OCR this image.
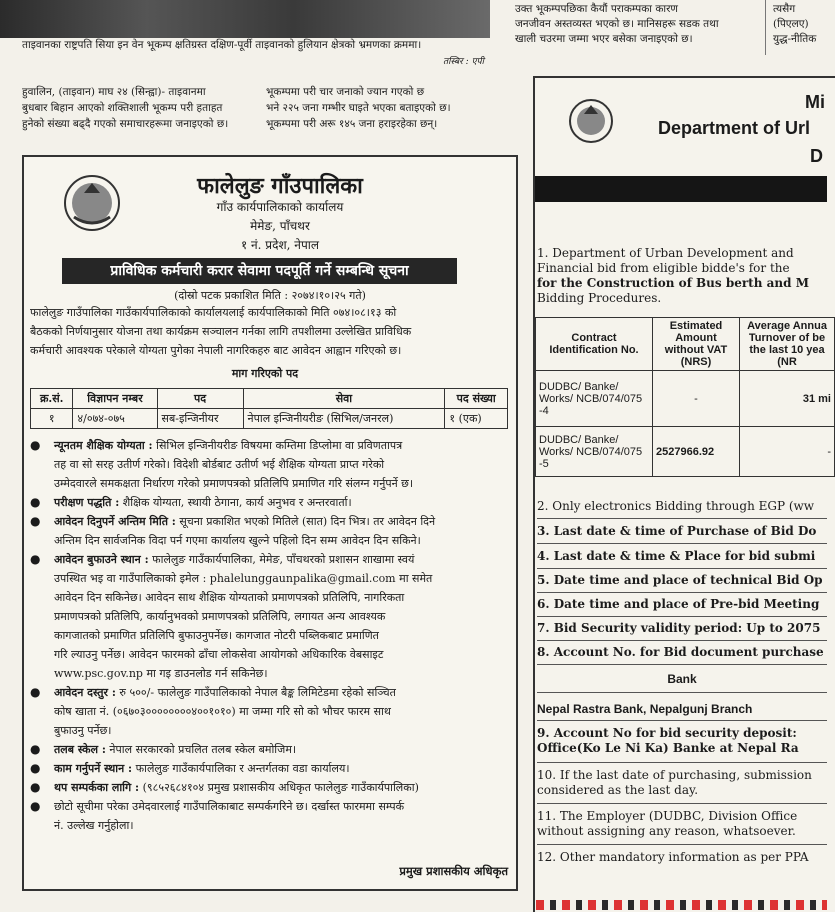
ताइवानका राष्ट्रपति सिया इन वेन भूकम्प क्षतिग्रस्त दक्षिण-पूर्वी ताइवानको हुलियान क्षेत्रको भ्रमणका क्रममा।
तस्बिर : एपी
उक्त भूकम्पपछिका कैयौं पराकम्पका कारण
जनजीवन अस्तव्यस्त भएको छ। मानिसहरू सडक तथा
खाली चउरमा जम्मा भएर बसेका जनाइएको छ।
त्यसैग
(पिएलए)
युद्ध-नीतिक
हुवालिन, (ताइवान) माघ २४ (सिन्ह्वा)- ताइवानमा
बुधबार बिहान आएको शक्तिशाली भूकम्प परी हताहत
हुनेको संख्या बढ्दै गएको समाचारहरूमा जनाइएको छ।
भूकम्पमा परी चार जनाको ज्यान गएको छ
भने २२५ जना गम्भीर घाइते भएका बताइएको छ।
भूकम्पमा परी अरू १४५ जना हराइरहेका छन्।
फालेलुङ गाँउपालिका
गाँउ कार्यपालिकाको कार्यालय
मेमेङ, पाँचथर
१ नं. प्रदेश, नेपाल
प्राविधिक कर्मचारी करार सेवामा पदपूर्ति गर्ने सम्बन्धि सूचना
(दोस्रो पटक प्रकाशित मिति : २०७४।१०।२५ गते)
फालेलुङ गाउँपालिका गाउँकार्यपालिकाको कार्यालयलाई कार्यपालिकाको मिति ०७४।०८।१३ को
बैठकको निर्णयानुसार योजना तथा कार्यक्रम सञ्चालन गर्नका लागि तपशीलमा उल्लेखित प्राविधिक
कर्मचारी आवश्यक परेकाले योग्यता पुगेका नेपाली नागरिकहरु बाट आवेदन आह्वान गरिएको छ।
माग गरिएको पद
क्र.सं.	विज्ञापन नम्बर	पद	सेवा	पद संख्या
१	४/०७४-०७५	सब-इन्जिनीयर	नेपाल इन्जिनीयरीङ (सिभिल/जनरल)	१ (एक)
● न्यूनतम शैक्षिक योग्यता : सिभिल इन्जिनीयरीङ विषयमा कम्तिमा डिप्लोमा वा प्रविणतापत्र
तह वा सो सरह उतीर्ण गरेको। विदेशी बोर्डबाट उतीर्ण भई शैक्षिक योग्यता प्राप्त गरेको
उम्मेदवारले समकक्षता निर्धारण गरेको प्रमाणपत्रको प्रतिलिपि प्रमाणित गरि संलग्न गर्नुपर्ने छ।
● परीक्षण पद्धति : शैक्षिक योग्यता, स्थायी ठेगाना, कार्य अनुभव र अन्तरवार्ता।
● आवेदन दिनुपर्ने अन्तिम मिति : सूचना प्रकाशित भएको मितिले (सात) दिन भित्र। तर आवेदन दिने
अन्तिम दिन सार्वजनिक विदा पर्न गएमा कार्यालय खुल्ने पहिलो दिन सम्म आवेदन दिन सकिने।
● आवेदन बुफाउने स्थान : फालेलुङ गाउँकार्यपालिका, मेमेङ, पाँचथरको प्रशासन शाखामा स्वयं
उपस्थित भइ वा गाउँपालिकाको इमेल : phalelunggaunpalika@gmail.com मा समेत
आवेदन दिन सकिनेछ। आवेदन साथ शैक्षिक योग्यताको प्रमाणपत्रको प्रतिलिपि, नागरिकता
प्रमाणपत्रको प्रतिलिपि, कार्यानुभवको प्रमाणपत्रको प्रतिलिपि, लगायत अन्य आवश्यक
कागजातको प्रमाणित प्रतिलिपि बुफाउनुपर्नेछ। कागजात नोटरी पब्लिकबाट प्रमाणित
गरि ल्याउनु पर्नेछ। आवेदन फारमको ढाँचा लोकसेवा आयोगको अधिकारिक वेबसाइट
www.psc.gov.np मा गइ डाउनलोड गर्न सकिनेछ।
● आवेदन दस्तुर : रु ५००/- फालेलुङ गाउँपालिकाको नेपाल बैङ्क लिमिटेडमा रहेको सञ्चित
कोष खाता नं. (०६७०३००००००००४००१०१०) मा जम्मा गरि सो को भौचर फारम साथ
बुफाउनु पर्नेछ।
● तलब स्केल : नेपाल सरकारको प्रचलित तलब स्केल बमोजिम।
● काम गर्नुपर्ने स्थान : फालेलुङ गाउँकार्यपालिका र अन्तर्गतका वडा कार्यालय।
● थप सम्पर्कका लागि : (९८५२६८४१०४ प्रमुख प्रशासकीय अधिकृत फालेलुङ गाउँकार्यपालिका)
● छोटो सूचीमा परेका उमेदवारलाई गाउँपालिकाबाट सम्पर्कगरिने छ। दर्खास्त फारममा सम्पर्क
नं. उल्लेख गर्नुहोला।
प्रमुख प्रशासकीय अधिकृत
Mi
Department of Url
D
1. Department of Urban Development and
Financial bid from eligible bidde's for the
for the Construction of Bus berth and M
Bidding Procedures.
Contract Identification No.	Estimated Amount without VAT (NRS)	Average Annua Turnover of be the last 10 yea (NR
DUDBC/ Banke/ Works/ NCB/074/075 -4	-	31 mi
DUDBC/ Banke/ Works/ NCB/074/075 -5	2527966.92	-
2. Only electronics Bidding through EGP (ww
3. Last date & time of Purchase of Bid Do
4. Last date & time & Place for bid submi
5. Date time and place of technical Bid Op
6. Date time and place of Pre-bid Meeting
7. Bid Security validity period: Up to 2075
8. Account No. for Bid document purchase
Bank
Nepal Rastra Bank, Nepalgunj Branch
9. Account No for bid security deposit:
Office(Ko Le Ni Ka) Banke at Nepal Ra
10. If the last date of purchasing, submission
considered as the last day.
11. The Employer (DUDBC, Division Office
without assigning any reason, whatsoever.
12. Other mandatory information as per PPA
